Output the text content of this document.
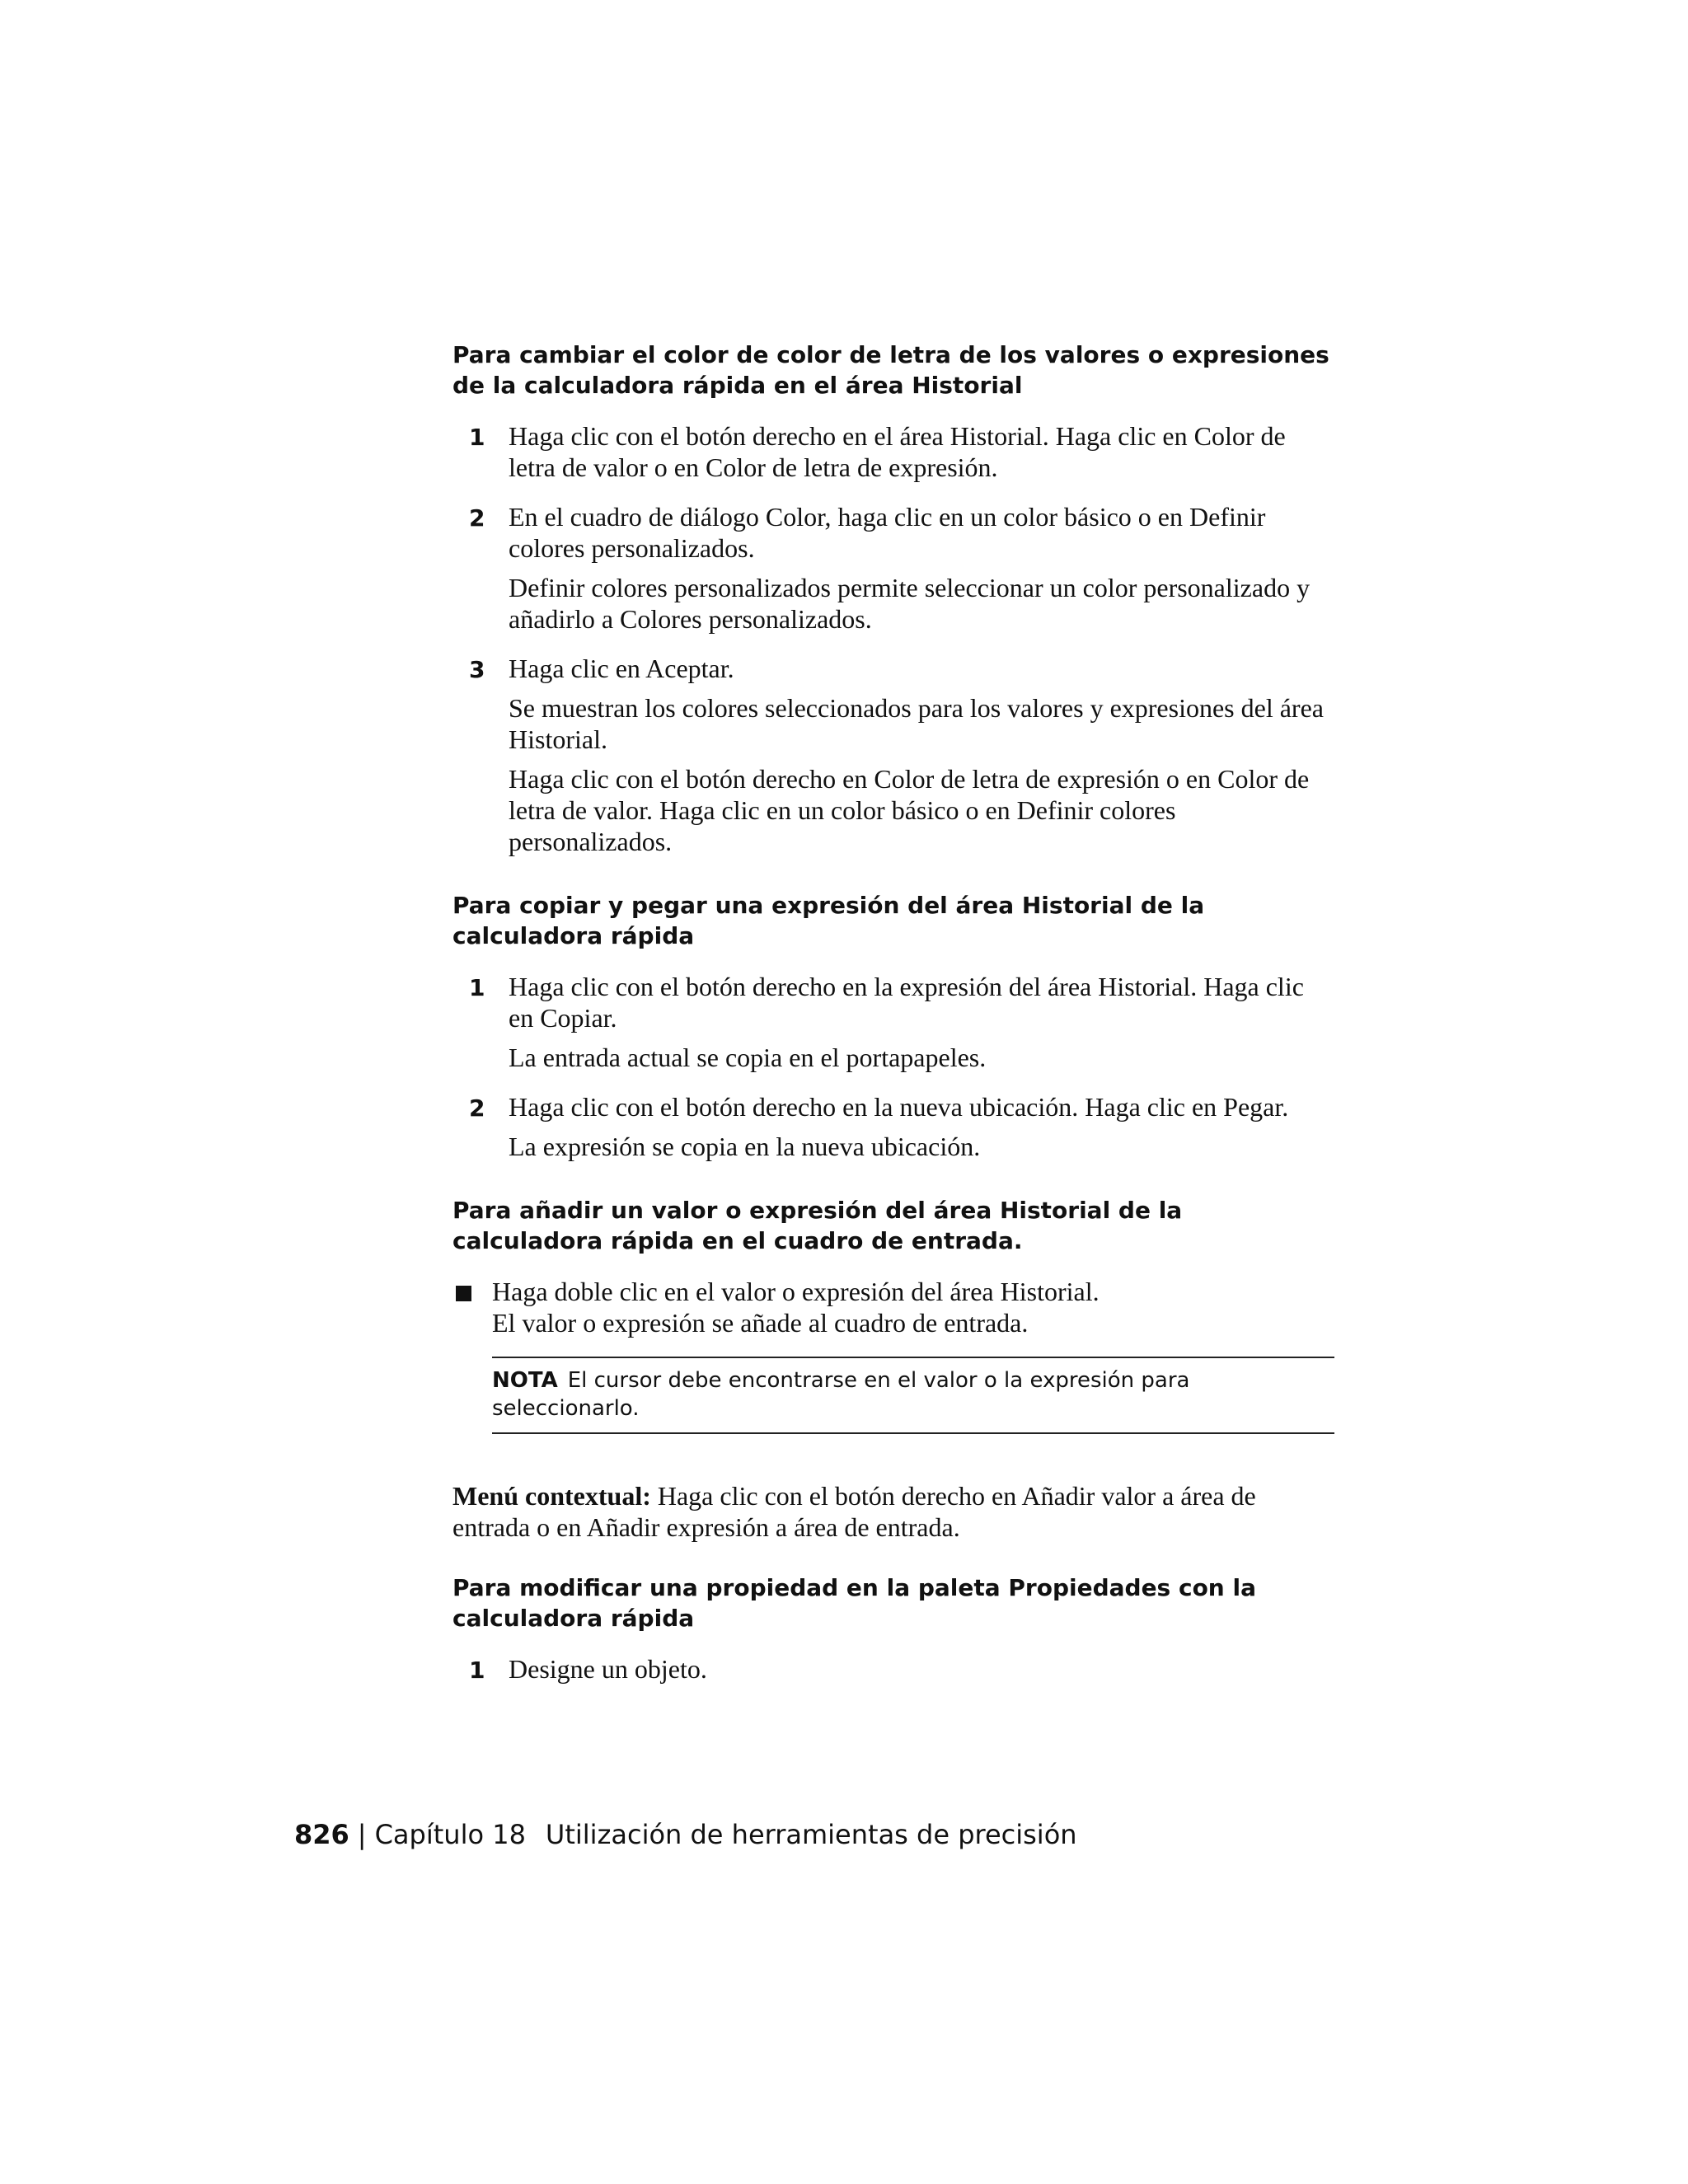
Para cambiar el color de color de letra de los valores o expresiones de la calculadora rápida en el área Historial

1 Haga clic con el botón derecho en el área Historial. Haga clic en Color de letra de valor o en Color de letra de expresión.

2 En el cuadro de diálogo Color, haga clic en un color básico o en Definir colores personalizados.

Definir colores personalizados permite seleccionar un color personalizado y añadirlo a Colores personalizados.

3 Haga clic en Aceptar.

Se muestran los colores seleccionados para los valores y expresiones del área Historial.

Haga clic con el botón derecho en Color de letra de expresión o en Color de letra de valor. Haga clic en un color básico o en Definir colores personalizados.

Para copiar y pegar una expresión del área Historial de la calculadora rápida

1 Haga clic con el botón derecho en la expresión del área Historial. Haga clic en Copiar.

La entrada actual se copia en el portapapeles.

2 Haga clic con el botón derecho en la nueva ubicación. Haga clic en Pegar.

La expresión se copia en la nueva ubicación.

Para añadir un valor o expresión del área Historial de la calculadora rápida en el cuadro de entrada.

Haga doble clic en el valor o expresión del área Historial.

El valor o expresión se añade al cuadro de entrada.

NOTA El cursor debe encontrarse en el valor o la expresión para seleccionarlo.

Menú contextual: Haga clic con el botón derecho en Añadir valor a área de entrada o en Añadir expresión a área de entrada.

Para modificar una propiedad en la paleta Propiedades con la calculadora rápida

1 Designe un objeto.

826 | Capítulo 18 Utilización de herramientas de precisión
